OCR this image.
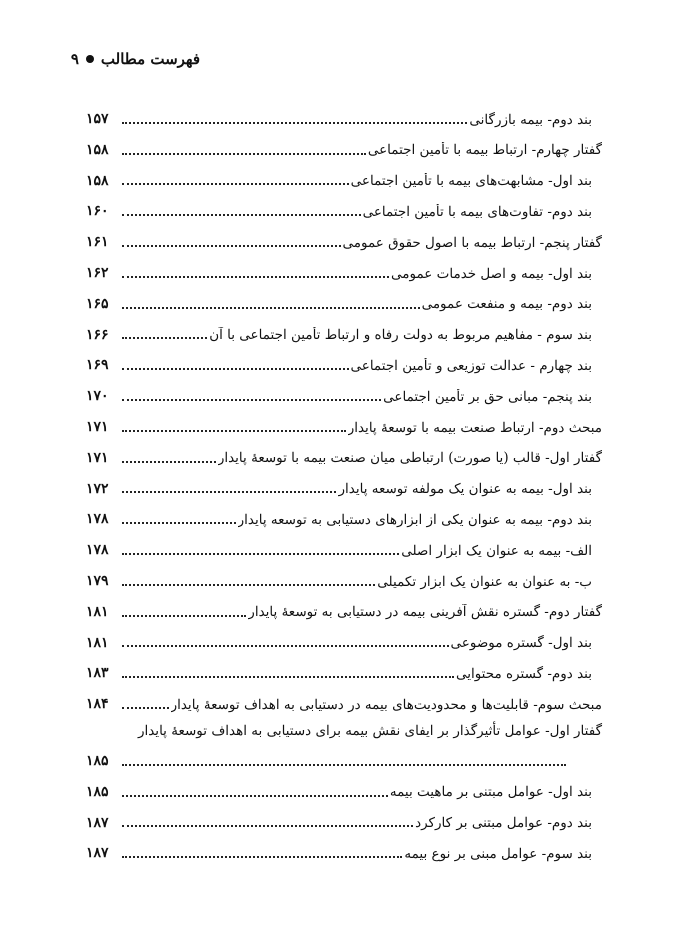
فهرست مطالب
۹
بند دوم- بیمه بازرگانی
۱۵۷
گفتار چهارم- ارتباط بیمه با تأمین اجتماعی
۱۵۸
بند اول- مشابهت‌های بیمه با تأمین اجتماعی
۱۵۸
بند دوم- تفاوت‌های بیمه با تأمین اجتماعی
۱۶۰
گفتار پنجم- ارتباط بیمه با اصول حقوق عمومی
۱۶۱
بند اول- بیمه و اصل خدمات عمومی
۱۶۲
بند دوم- بیمه و منفعت عمومی
۱۶۵
بند سوم - مفاهیم مربوط به دولت رفاه و ارتباط تأمین اجتماعی با آن
۱۶۶
بند چهارم - عدالت توزیعی و تأمین اجتماعی
۱۶۹
بند پنجم- مبانی حق بر تأمین اجتماعی
۱۷۰
مبحث دوم- ارتباط صنعت بیمه با توسعهٔ پایدار
۱۷۱
گفتار اول- قالب (یا صورت) ارتباطی میان صنعت بیمه با توسعهٔ پایدار
۱۷۱
بند اول- بیمه به عنوان یک مولفه توسعه پایدار
۱۷۲
بند دوم- بیمه به عنوان یکی از ابزارهای دستیابی به توسعه پایدار
۱۷۸
الف- بیمه به عنوان یک ابزار اصلی
۱۷۸
ب- به عنوان به عنوان یک ابزار تکمیلی
۱۷۹
گفتار دوم- گستره نقش آفرینی بیمه در دستیابی به توسعهٔ پایدار
۱۸۱
بند اول- گستره موضوعی
۱۸۱
بند دوم- گستره محتوایی
۱۸۳
مبحث سوم- قابلیت‌ها و محدودیت‌های بیمه در دستیابی به اهداف توسعهٔ پایدار
۱۸۴
گفتار اول- عوامل تأثیرگذار بر ایفای نقش بیمه برای دستیابی به اهداف توسعهٔ پایدار
۱۸۵
بند اول- عوامل مبتنی بر ماهیت بیمه
۱۸۵
بند دوم- عوامل مبتنی بر کارکرد
۱۸۷
بند سوم- عوامل مبنی بر نوع بیمه
۱۸۷
